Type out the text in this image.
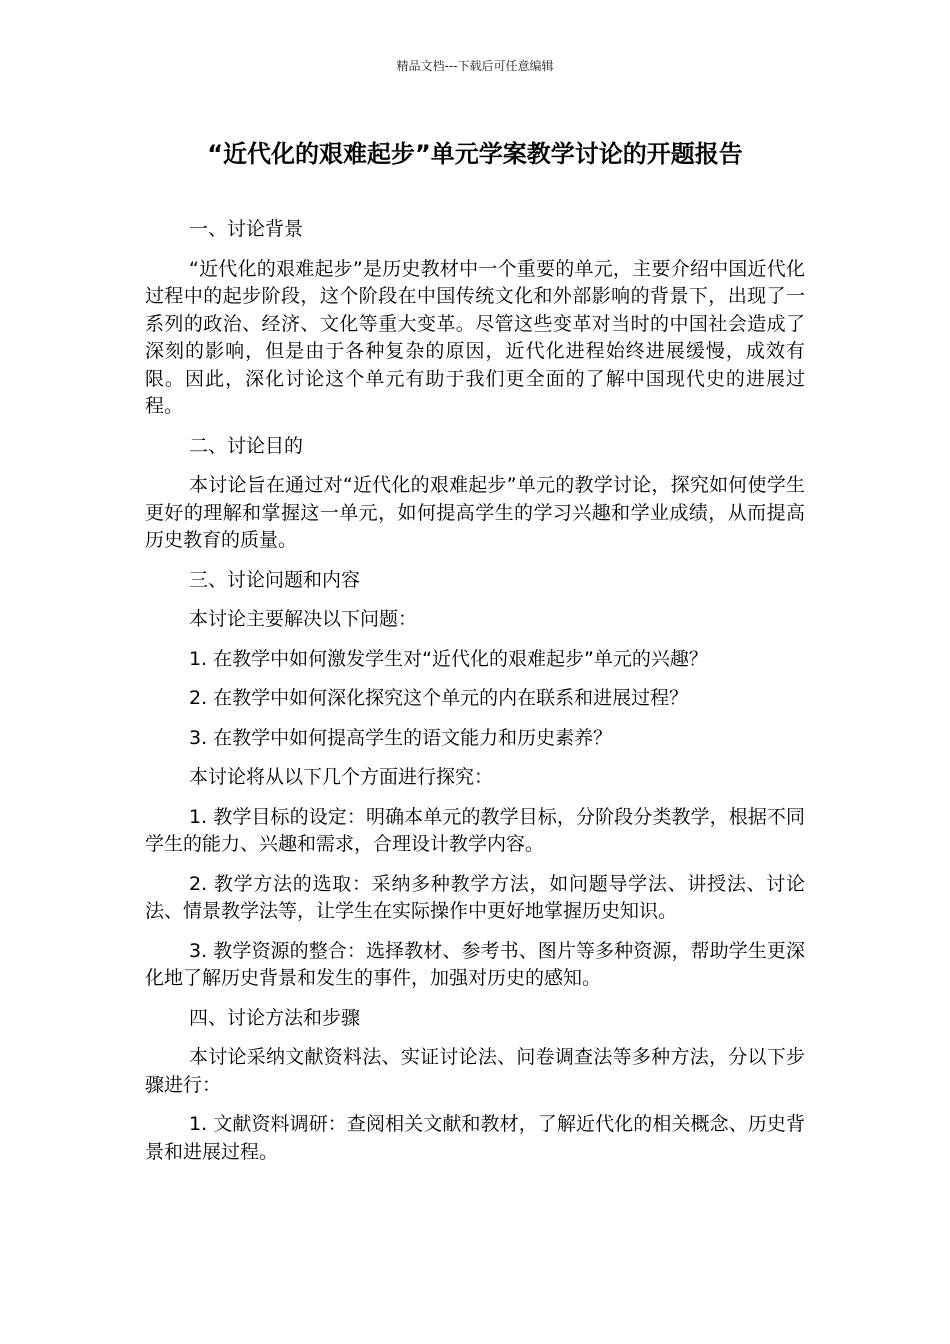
精品文档---下载后可任意编辑
“近代化的艰难起步”单元学案教学讨论的开题报告

一、讨论背景

“近代化的艰难起步”是历史教材中一个重要的单元，主要介绍中国近代化过程中的起步阶段，这个阶段在中国传统文化和外部影响的背景下，出现了一系列的政治、经济、文化等重大变革。尽管这些变革对当时的中国社会造成了深刻的影响，但是由于各种复杂的原因，近代化进程始终进展缓慢，成效有限。因此，深化讨论这个单元有助于我们更全面的了解中国现代史的进展过程。

二、讨论目的

本讨论旨在通过对“近代化的艰难起步”单元的教学讨论，探究如何使学生更好的理解和掌握这一单元，如何提高学生的学习兴趣和学业成绩，从而提高历史教育的质量。

三、讨论问题和内容

本讨论主要解决以下问题：

1. 在教学中如何激发学生对“近代化的艰难起步”单元的兴趣？

2. 在教学中如何深化探究这个单元的内在联系和进展过程？

3. 在教学中如何提高学生的语文能力和历史素养？

本讨论将从以下几个方面进行探究：

1. 教学目标的设定：明确本单元的教学目标，分阶段分类教学，根据不同学生的能力、兴趣和需求，合理设计教学内容。

2. 教学方法的选取：采纳多种教学方法，如问题导学法、讲授法、讨论法、情景教学法等，让学生在实际操作中更好地掌握历史知识。

3. 教学资源的整合：选择教材、参考书、图片等多种资源，帮助学生更深化地了解历史背景和发生的事件，加强对历史的感知。

四、讨论方法和步骤

本讨论采纳文献资料法、实证讨论法、问卷调查法等多种方法，分以下步骤进行：

1. 文献资料调研：查阅相关文献和教材，了解近代化的相关概念、历史背景和进展过程。
